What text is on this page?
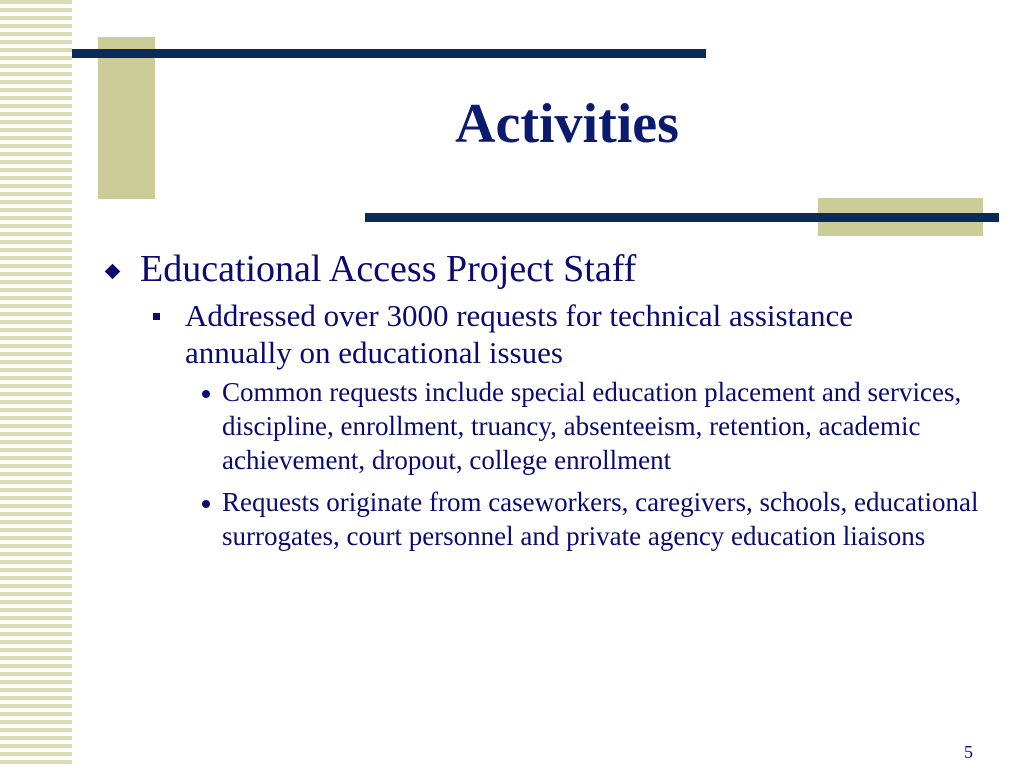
Activities
Educational Access Project Staff
Addressed over 3000 requests for technical assistance annually on educational issues
Common requests include special education placement and services, discipline, enrollment, truancy, absenteeism, retention, academic achievement, dropout, college enrollment
Requests originate from caseworkers, caregivers, schools, educational surrogates, court personnel and private agency education liaisons
5
